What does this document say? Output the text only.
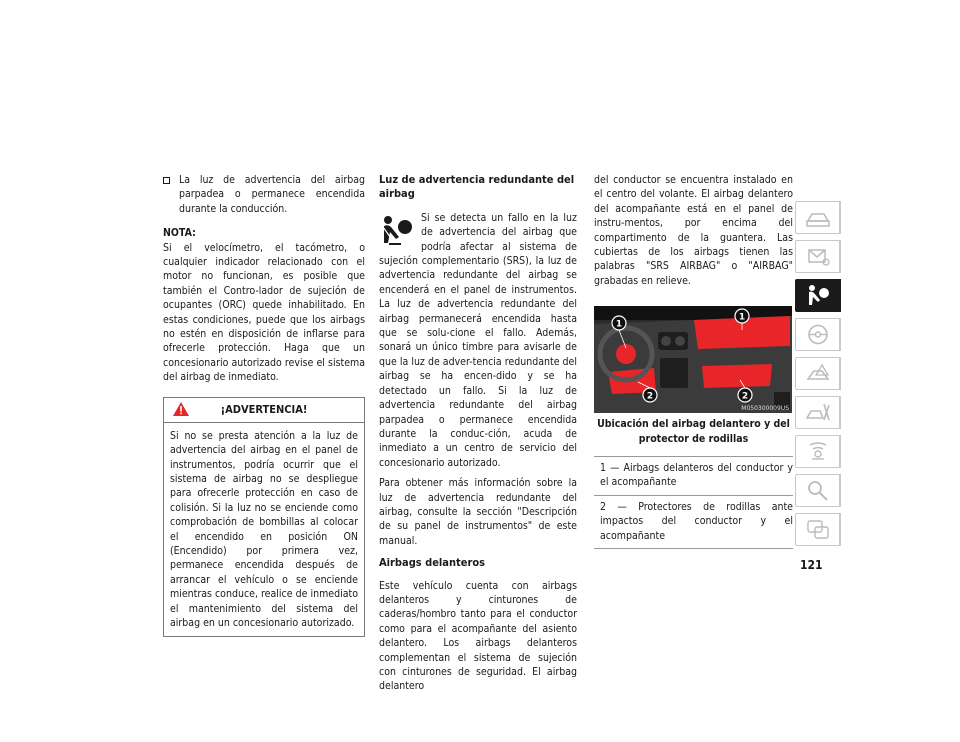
La luz de advertencia del airbag parpadea o permanece encendida durante la conducción.

NOTA:

Si el velocímetro, el tacómetro, o cualquier indicador relacionado con el motor no funcionan, es posible que también el Contro-lador de sujeción de ocupantes (ORC) quede inhabilitado. En estas condiciones, puede que los airbags no estén en disposición de inflarse para ofrecerle protección. Haga que un concesionario autorizado revise el sistema del airbag de inmediato.

¡ADVERTENCIA!

Si no se presta atención a la luz de advertencia del airbag en el panel de instrumentos, podría ocurrir que el sistema de airbag no se despliegue para ofrecerle protección en caso de colisión. Si la luz no se enciende como comprobación de bombillas al colocar el encendido en posición ON (Encendido) por primera vez, permanece encendida después de arrancar el vehículo o se enciende mientras conduce, realice de inmediato el mantenimiento del sistema del airbag en un concesionario autorizado.

Luz de advertencia redundante del airbag

Si se detecta un fallo en la luz de advertencia del airbag que podría afectar al sistema de sujeción complementario (SRS), la luz de advertencia redundante del airbag se encenderá en el panel de instrumentos. La luz de advertencia redundante del airbag permanecerá encendida hasta que se solu-cione el fallo. Además, sonará un único timbre para avisarle de que la luz de adver-tencia redundante del airbag se ha encen-dido y se ha detectado un fallo. Si la luz de advertencia redundante del airbag parpadea o permanece encendida durante la conduc-ción, acuda de inmediato a un centro de servicio del concesionario autorizado.

Para obtener más información sobre la luz de advertencia redundante del airbag, consulte la sección "Descripción de su panel de instrumentos" de este manual.

Airbags delanteros

Este vehículo cuenta con airbags delanteros y cinturones de caderas/hombro tanto para el conductor como para el acompañante del asiento delantero. Los airbags delanteros complementan el sistema de sujeción con cinturones de seguridad. El airbag delantero

del conductor se encuentra instalado en el centro del volante. El airbag delantero del acompañante está en el panel de instru-mentos, por encima del compartimento de la guantera. Las cubiertas de los airbags tienen las palabras "SRS AIRBAG" o "AIRBAG" grabadas en relieve.

1
1
2	2
M050300009US
Ubicación del airbag delantero y del protector de rodillas

1 — Airbags delanteros del conductor y el acompañante

2 — Protectores de rodillas ante impactos del conductor y el acompañante

121
